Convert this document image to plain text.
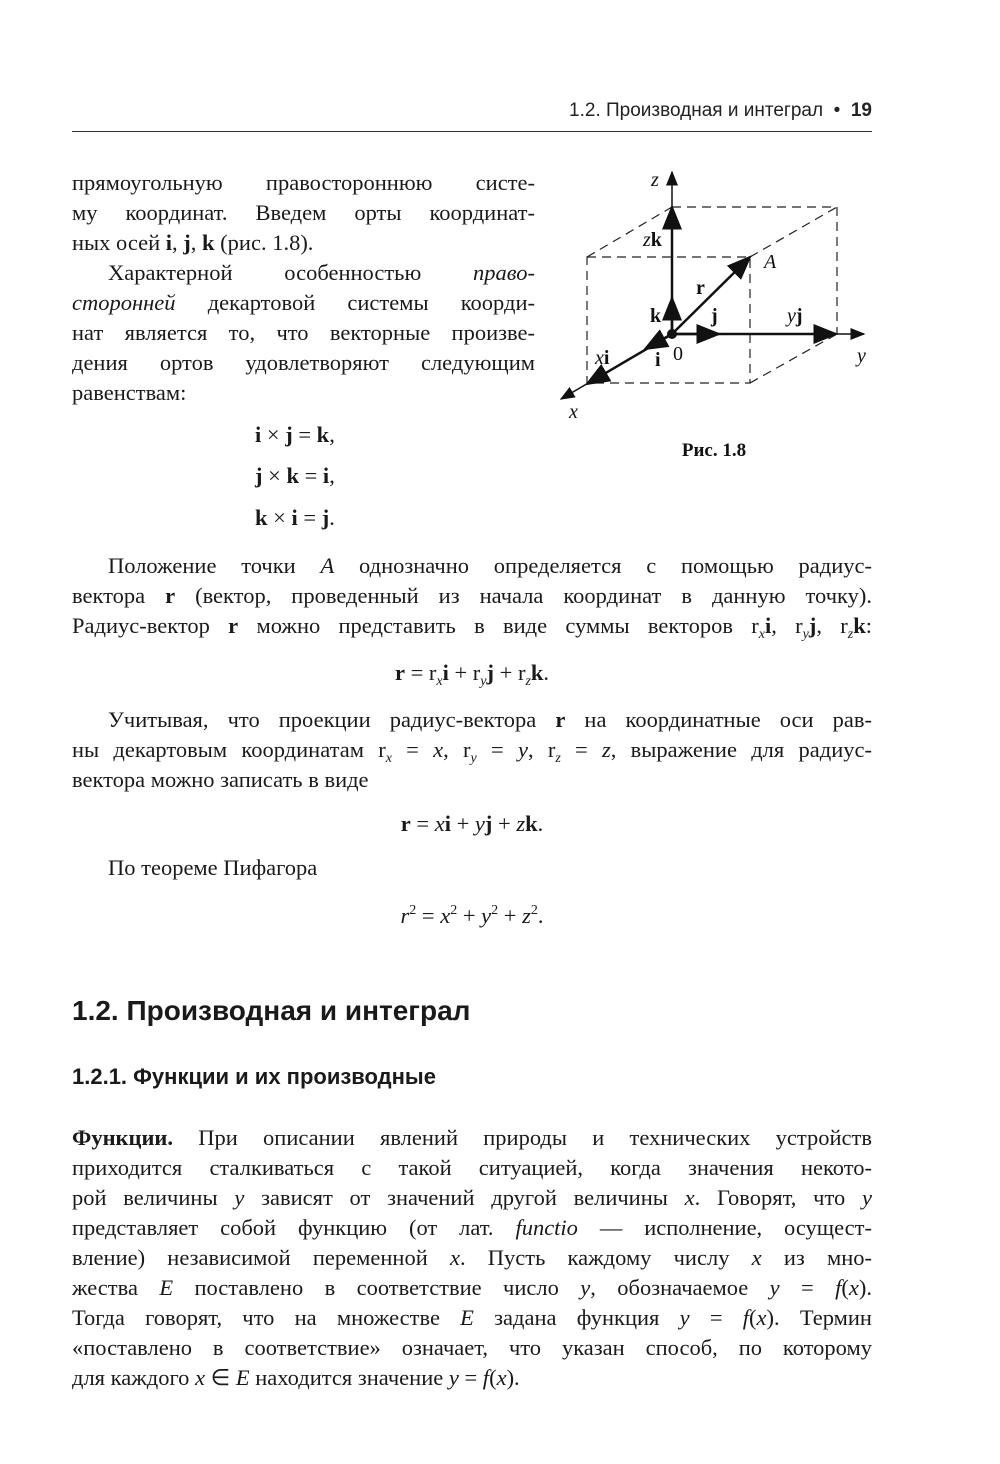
1.2. Производная и интеграл • 19
z
zk
A
r
k j	yj
xi i 0	y
x
Рис. 1.8
прямоугольную правостороннюю систе-
му координат. Введем орты координат-
ных осей i, j, k (рис. 1.8).
Характерной особенностью право-
сторонней декартовой системы коорди-
нат является то, что векторные произве-
дения ортов удовлетворяют следующим
равенствам:
i × j = k,
j × k = i,
k × i = j.
Положение точки A однозначно определяется с помощью радиус-
вектора r (вектор, проведенный из начала координат в данную точку).
Радиус-вектор r можно представить в виде суммы векторов $r_xi$, $r_yj$, $r_zk$:
$r = r_xi + r_yj + r_zk$.
Учитывая, что проекции радиус-вектора r на координатные оси рав-
ны декартовым координатам $r_x = x$, $r_y = y$, $r_z = z$, выражение для радиус-
вектора можно записать в виде
r = xi + yj + zk.
По теореме Пифагора
$r^2 = x^2 + y^2 + z^2$.
Функции. При описании явлений природы и технических устройств
приходится сталкиваться с такой ситуацией, когда значения некото-
рой величины y зависят от значений другой величины x. Говорят, что y
представляет собой функцию (от лат. functio — исполнение, осущест-
вление) независимой переменной x. Пусть каждому числу x из мно-
жества E поставлено в соответствие число y, обозначаемое y = f(x).
Тогда говорят, что на множестве E задана функция y = f(x). Термин
«поставлено в соответствие» означает, что указан способ, по которому
для каждого x ∈ E находится значение y = f(x).
1.2. Производная и интеграл
1.2.1. Функции и их производные
